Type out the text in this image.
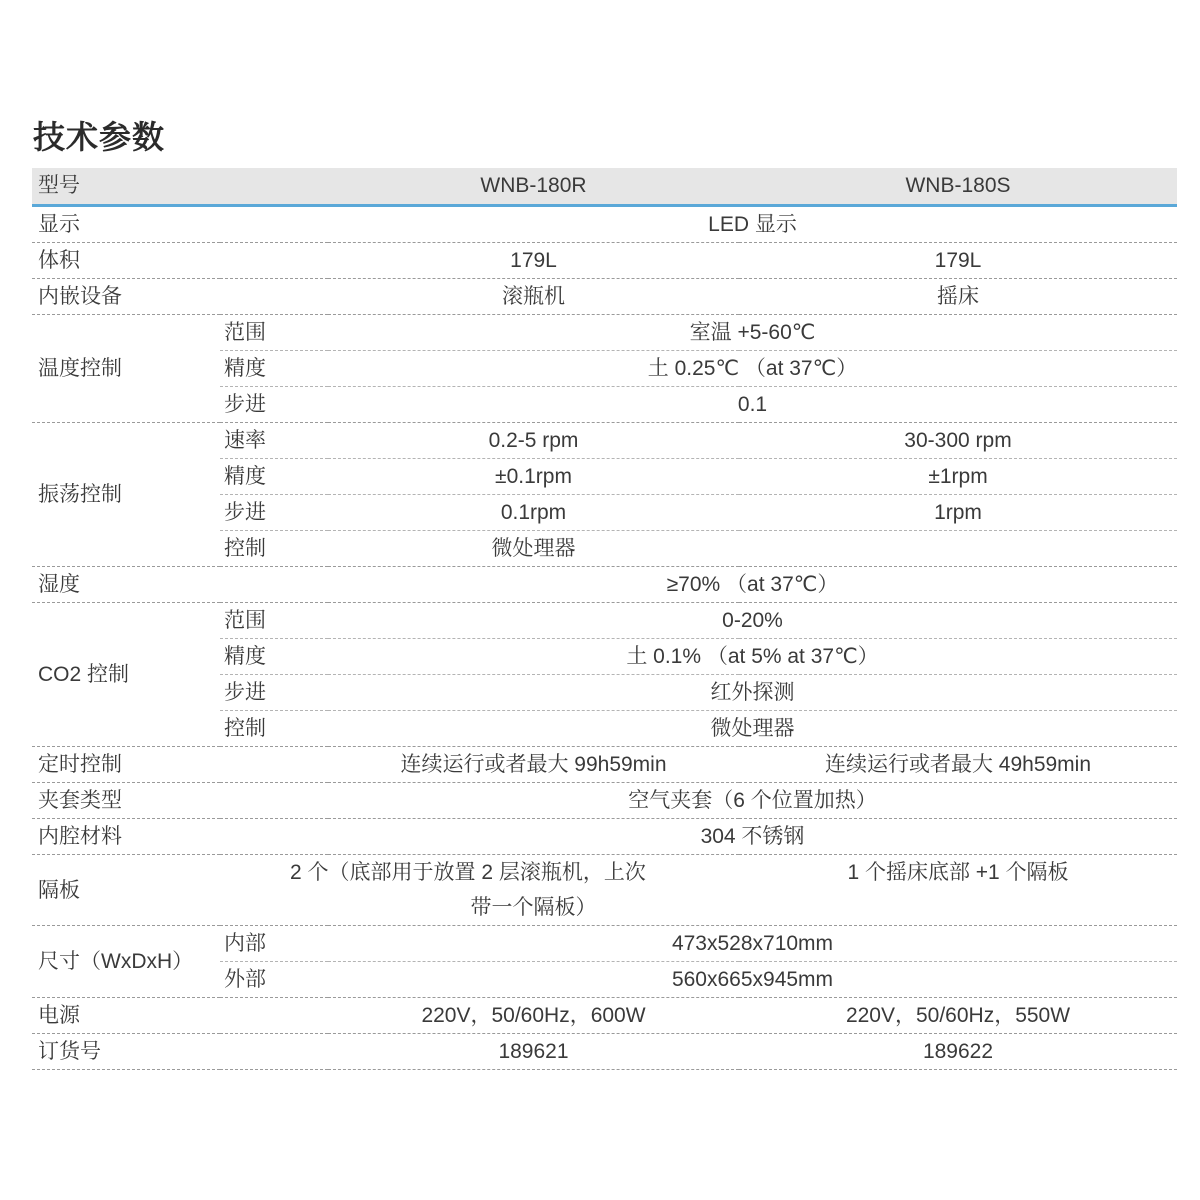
技术参数
型号		WNB-180R	WNB-180S
显示		LED 显示	
体积		179L	179L
内嵌设备		滚瓶机	摇床
温度控制	范围	室温 +5-60℃	
	精度	土 0.25℃ （at 37℃）	
	步进	0.1	
振荡控制	速率	0.2-5 rpm	30-300 rpm
	精度	±0.1rpm	±1rpm
	步进	0.1rpm	1rpm
	控制	微处理器	
湿度		≥70% （at 37℃）	
CO2 控制	范围	0-20%	
	精度	土 0.1% （at 5% at 37℃）	
	步进	红外探测	
	控制	微处理器	
定时控制		连续运行或者最大 99h59min	连续运行或者最大 49h59min
夹套类型		空气夹套（6 个位置加热）	
内腔材料		304 不锈钢	
隔板		2 个（底部用于放置 2 层滚瓶机，上次
带一个隔板）	1 个摇床底部 +1 个隔板
尺寸（WxDxH）	内部	473x528x710mm	
	外部	560x665x945mm	
电源		220V，50/60Hz，600W	220V，50/60Hz，550W
订货号		189621	189622
